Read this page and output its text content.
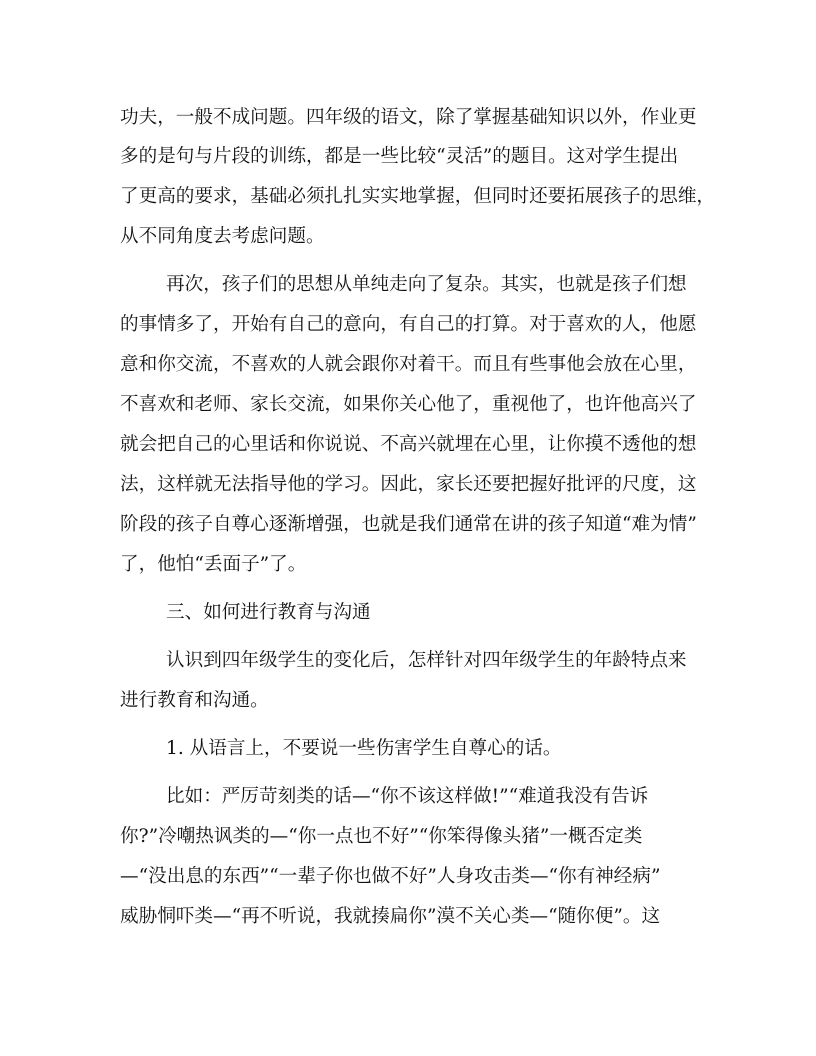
功夫，一般不成问题。四年级的语文，除了掌握基础知识以外，作业更
多的是句与片段的训练，都是一些比较“灵活”的题目。这对学生提出
了更高的要求，基础必须扎扎实实地掌握，但同时还要拓展孩子的思维，
从不同角度去考虑问题。
再次，孩子们的思想从单纯走向了复杂。其实，也就是孩子们想
的事情多了，开始有自己的意向，有自己的打算。对于喜欢的人，他愿
意和你交流，不喜欢的人就会跟你对着干。而且有些事他会放在心里，
不喜欢和老师、家长交流，如果你关心他了，重视他了，也许他高兴了
就会把自己的心里话和你说说、不高兴就埋在心里，让你摸不透他的想
法，这样就无法指导他的学习。因此，家长还要把握好批评的尺度，这
阶段的孩子自尊心逐渐增强，也就是我们通常在讲的孩子知道“难为情”
了，他怕“丢面子”了。
三、如何进行教育与沟通
认识到四年级学生的变化后，怎样针对四年级学生的年龄特点来
进行教育和沟通。
1. 从语言上，不要说一些伤害学生自尊心的话。
比如：严厉苛刻类的话—“你不该这样做!”“难道我没有告诉
你?”冷嘲热讽类的—“你一点也不好”“你笨得像头猪”一概否定类
—“没出息的东西”“一辈子你也做不好”人身攻击类—“你有神经病”
威胁恫吓类—“再不听说，我就揍扁你”漠不关心类—“随你便”。这
